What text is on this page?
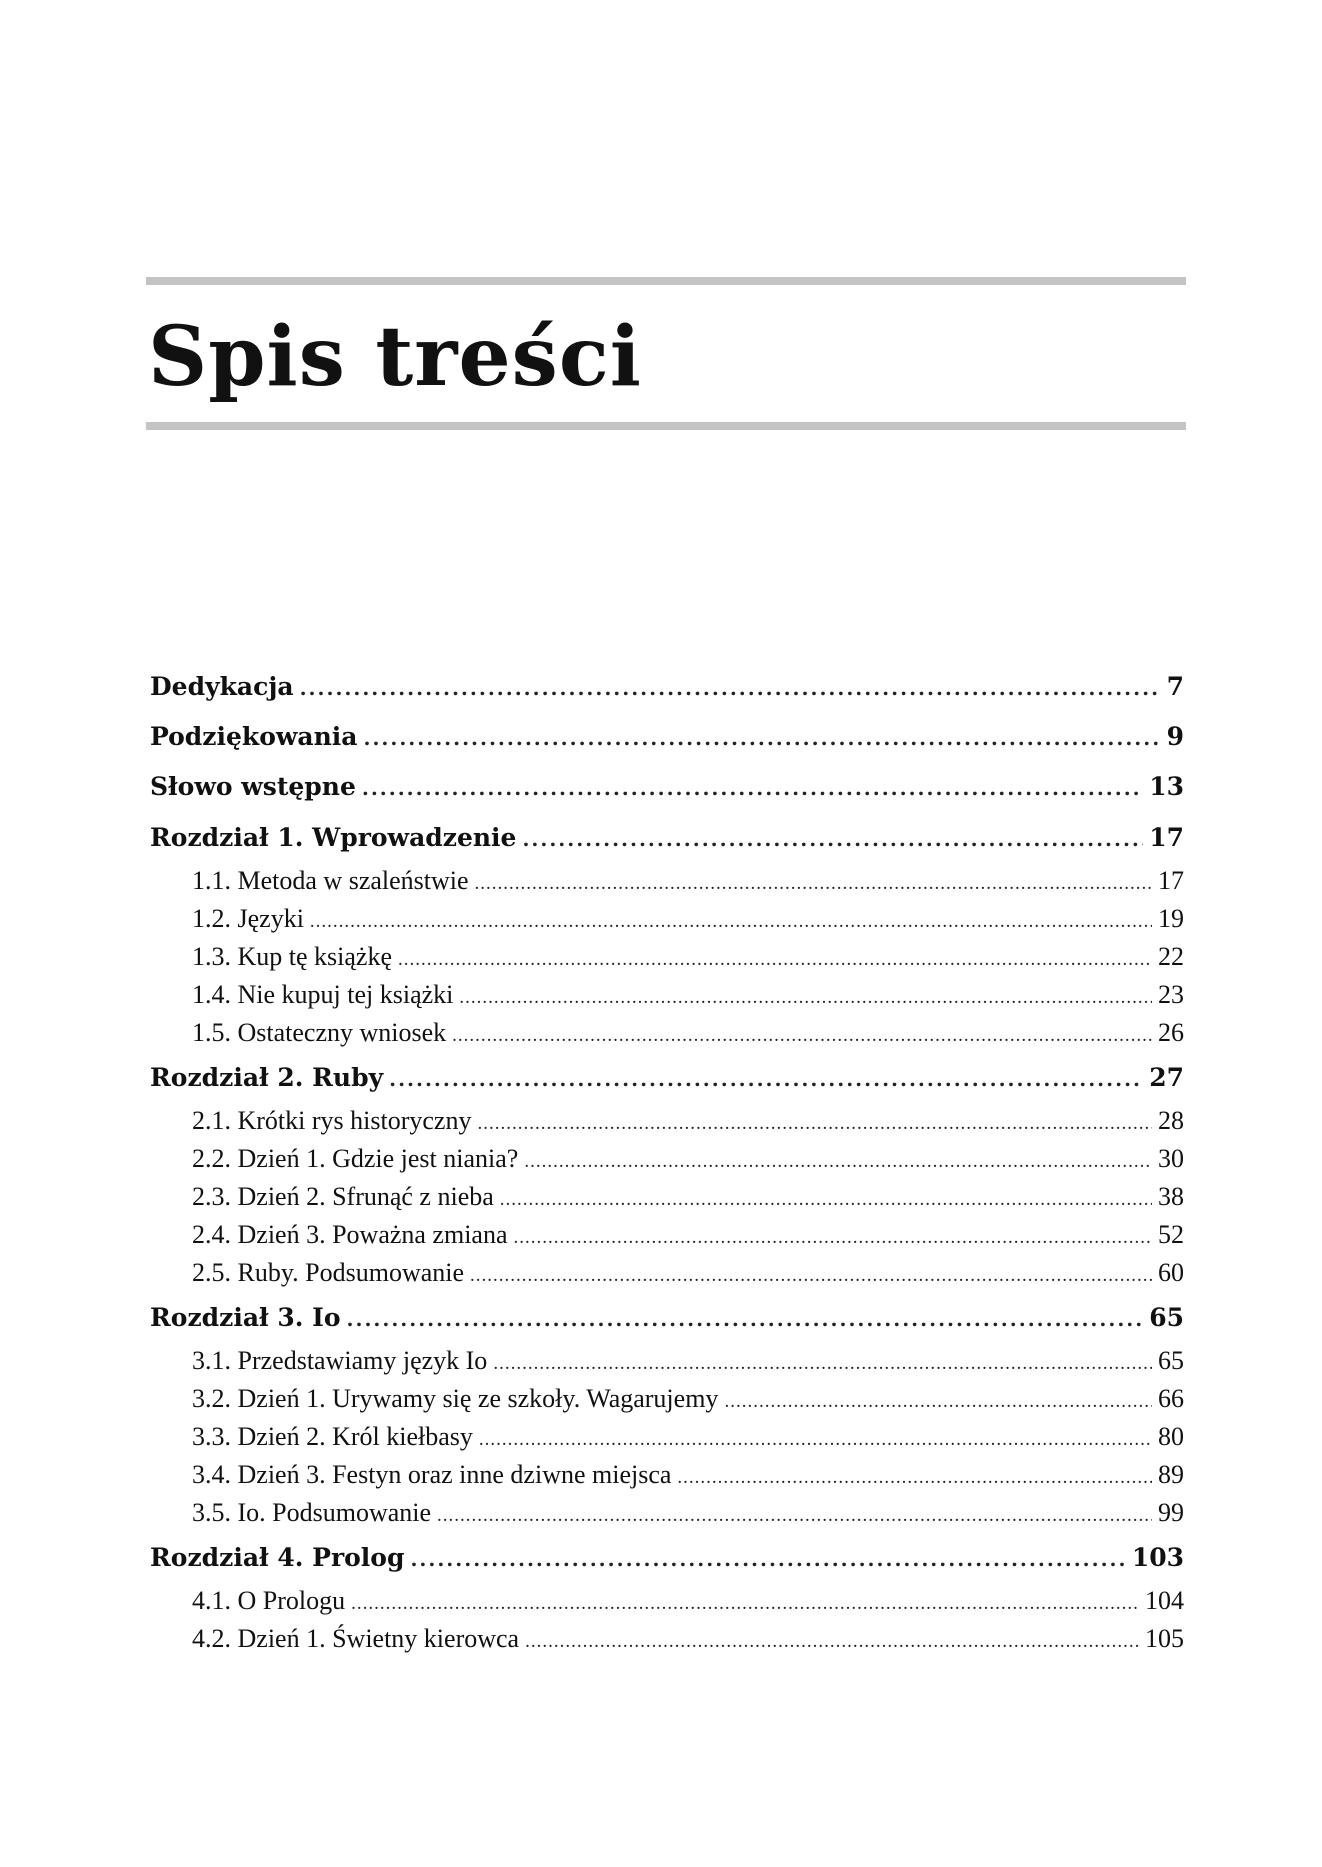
Spis treści
Dedykacja .....	7
Podziękowania .....	9
Słowo wstępne .....	13
Rozdział 1. Wprowadzenie .....	17
1.1. Metoda w szaleństwie .....	17
1.2. Języki .....	19
1.3. Kup tę książkę .....	22
1.4. Nie kupuj tej książki .....	23
1.5. Ostateczny wniosek .....	26
Rozdział 2. Ruby .....	27
2.1. Krótki rys historyczny .....	28
2.2. Dzień 1. Gdzie jest niania? .....	30
2.3. Dzień 2. Sfrunąć z nieba .....	38
2.4. Dzień 3. Poważna zmiana .....	52
2.5. Ruby. Podsumowanie .....	60
Rozdział 3. Io .....	65
3.1. Przedstawiamy język Io .....	65
3.2. Dzień 1. Urywamy się ze szkoły. Wagarujemy .....	66
3.3. Dzień 2. Król kiełbasy .....	80
3.4. Dzień 3. Festyn oraz inne dziwne miejsca .....	89
3.5. Io. Podsumowanie .....	99
Rozdział 4. Prolog .....	103
4.1. O Prologu .....	104
4.2. Dzień 1. Świetny kierowca .....	105
